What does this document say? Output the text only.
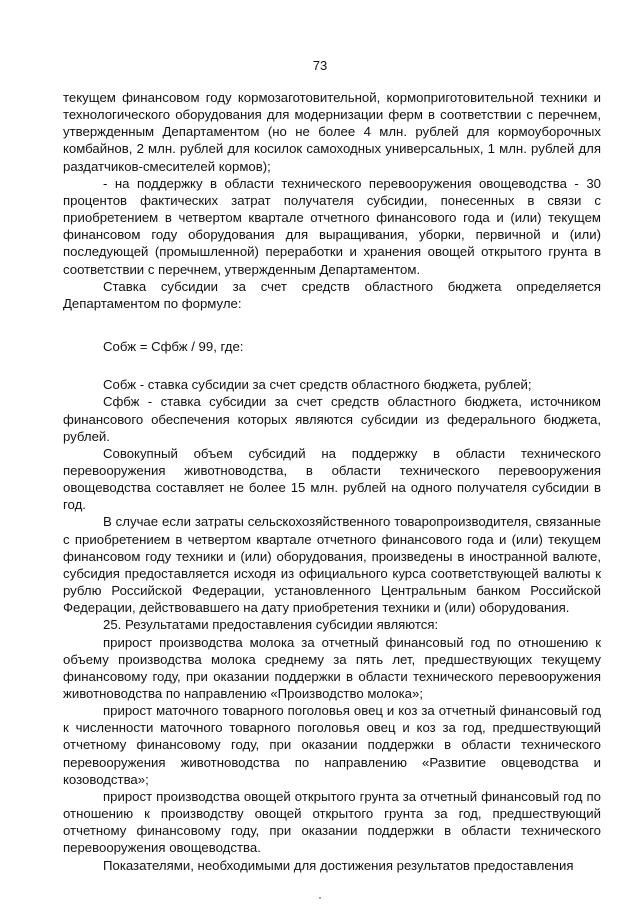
73

текущем финансовом году кормозаготовительной, кормоприготовительной техники и технологического оборудования для модернизации ферм в соответствии с перечнем, утвержденным Департаментом (но не более 4 млн. рублей для кормоуборочных комбайнов, 2 млн. рублей для косилок самоходных универсальных, 1 млн. рублей для раздатчиков-смесителей кормов);

- на поддержку в области технического перевооружения овощеводства - 30 процентов фактических затрат получателя субсидии, понесенных в связи с приобретением в четвертом квартале отчетного финансового года и (или) текущем финансовом году оборудования для выращивания, уборки, первичной и (или) последующей (промышленной) переработки и хранения овощей открытого грунта в соответствии с перечнем, утвержденным Департаментом.

Ставка субсидии за счет средств областного бюджета определяется Департаментом по формуле:

Собж = Сфбж / 99, где:

Собж - ставка субсидии за счет средств областного бюджета, рублей;

Сфбж - ставка субсидии за счет средств областного бюджета, источником финансового обеспечения которых являются субсидии из федерального бюджета, рублей.

Совокупный объем субсидий на поддержку в области технического перевооружения животноводства, в области технического перевооружения овощеводства составляет не более 15 млн. рублей на одного получателя субсидии в год.

В случае если затраты сельскохозяйственного товаропроизводителя, связанные с приобретением в четвертом квартале отчетного финансового года и (или) текущем финансовом году техники и (или) оборудования, произведены в иностранной валюте, субсидия предоставляется исходя из официального курса соответствующей валюты к рублю Российской Федерации, установленного Центральным банком Российской Федерации, действовавшего на дату приобретения техники и (или) оборудования.

25. Результатами предоставления субсидии являются:

прирост производства молока за отчетный финансовый год по отношению к объему производства молока среднему за пять лет, предшествующих текущему финансовому году, при оказании поддержки в области технического перевооружения животноводства по направлению «Производство молока»;

прирост маточного товарного поголовья овец и коз за отчетный финансовый год к численности маточного товарного поголовья овец и коз за год, предшествующий отчетному финансовому году, при оказании поддержки в области технического перевооружения животноводства по направлению «Развитие овцеводства и козоводства»;

прирост производства овощей открытого грунта за отчетный финансовый год по отношению к производству овощей открытого грунта за год, предшествующий отчетному финансовому году, при оказании поддержки в области технического перевооружения овощеводства.

Показателями, необходимыми для достижения результатов предоставления
